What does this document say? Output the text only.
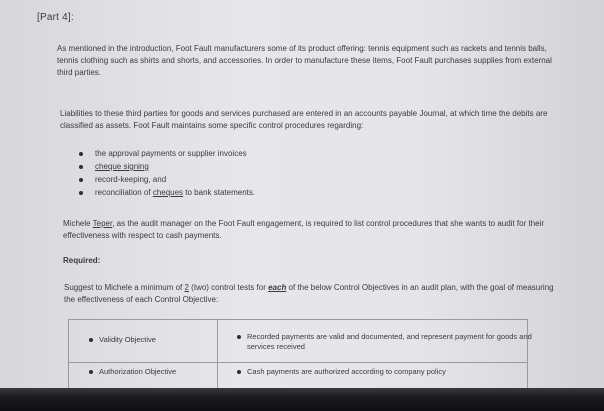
[Part 4]:
As mentioned in the introduction, Foot Fault manufacturers some of its product offering: tennis equipment such as rackets and tennis balls, tennis clothing such as shirts and shorts, and accessories. In order to manufacture these items, Foot Fault purchases supplies from external third parties.
Liabilities to these third parties for goods and services purchased are entered in an accounts payable Journal, at which time the debits are classified as assets. Foot Fault maintains some specific control procedures regarding:
the approval payments or supplier invoices
cheque signing
record-keeping, and
reconciliation of cheques to bank statements.
Michele Teper, as the audit manager on the Foot Fault engagement, is required to list control procedures that she wants to audit for their effectiveness with respect to cash payments.
Required:
Suggest to Michele a minimum of 2 (two) control tests for each of the below Control Objectives in an audit plan, with the goal of measuring the effectiveness of each Control Objective:
Validity Objective	Recorded payments are valid and documented, and represent payment for goods and services received
Authorization Objective	Cash payments are authorized according to company policy
